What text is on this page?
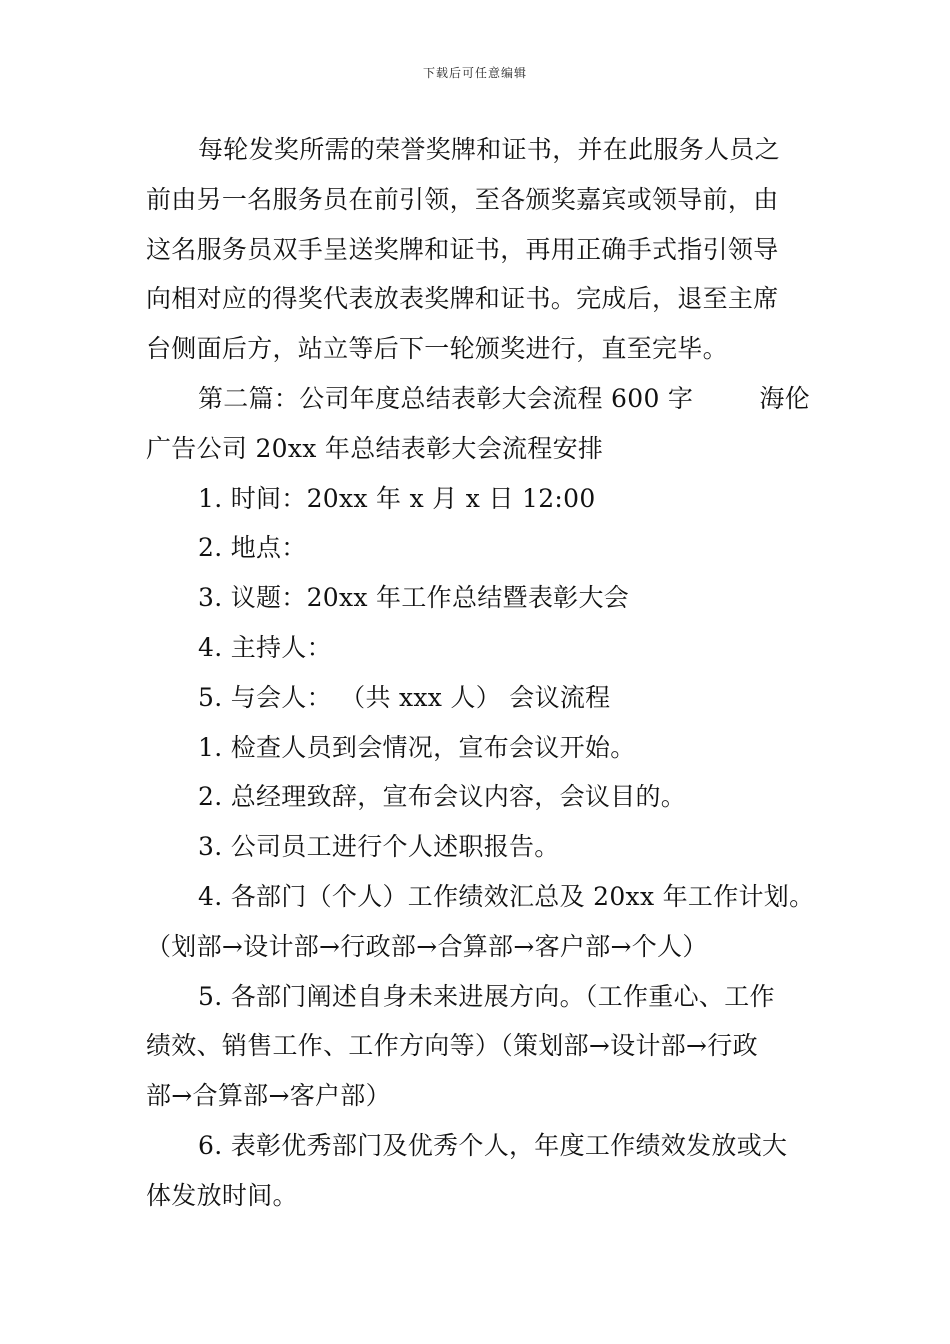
下载后可任意编辑

每轮发奖所需的荣誉奖牌和证书，并在此服务人员之

前由另一名服务员在前引领，至各颁奖嘉宾或领导前，由

这名服务员双手呈送奖牌和证书，再用正确手式指引领导

向相对应的得奖代表放表奖牌和证书。完成后，退至主席

台侧面后方，站立等后下一轮颁奖进行，直至完毕。

第二篇：公司年度总结表彰大会流程 600 字	海伦

广告公司 20xx 年总结表彰大会流程安排

1. 时间：20xx 年 x 月 x 日 12:00

2. 地点：

3. 议题：20xx 年工作总结暨表彰大会

4. 主持人：

5. 与会人： （共 xxx 人） 会议流程

1. 检查人员到会情况，宣布会议开始。

2. 总经理致辞，宣布会议内容，会议目的。

3. 公司员工进行个人述职报告。

4. 各部门（个人）工作绩效汇总及 20xx 年工作计划。

（划部→设计部→行政部→合算部→客户部→个人）

5. 各部门阐述自身未来进展方向。（工作重心、工作

绩效、销售工作、工作方向等）（策划部→设计部→行政

部→合算部→客户部）

6. 表彰优秀部门及优秀个人，年度工作绩效发放或大

体发放时间。
